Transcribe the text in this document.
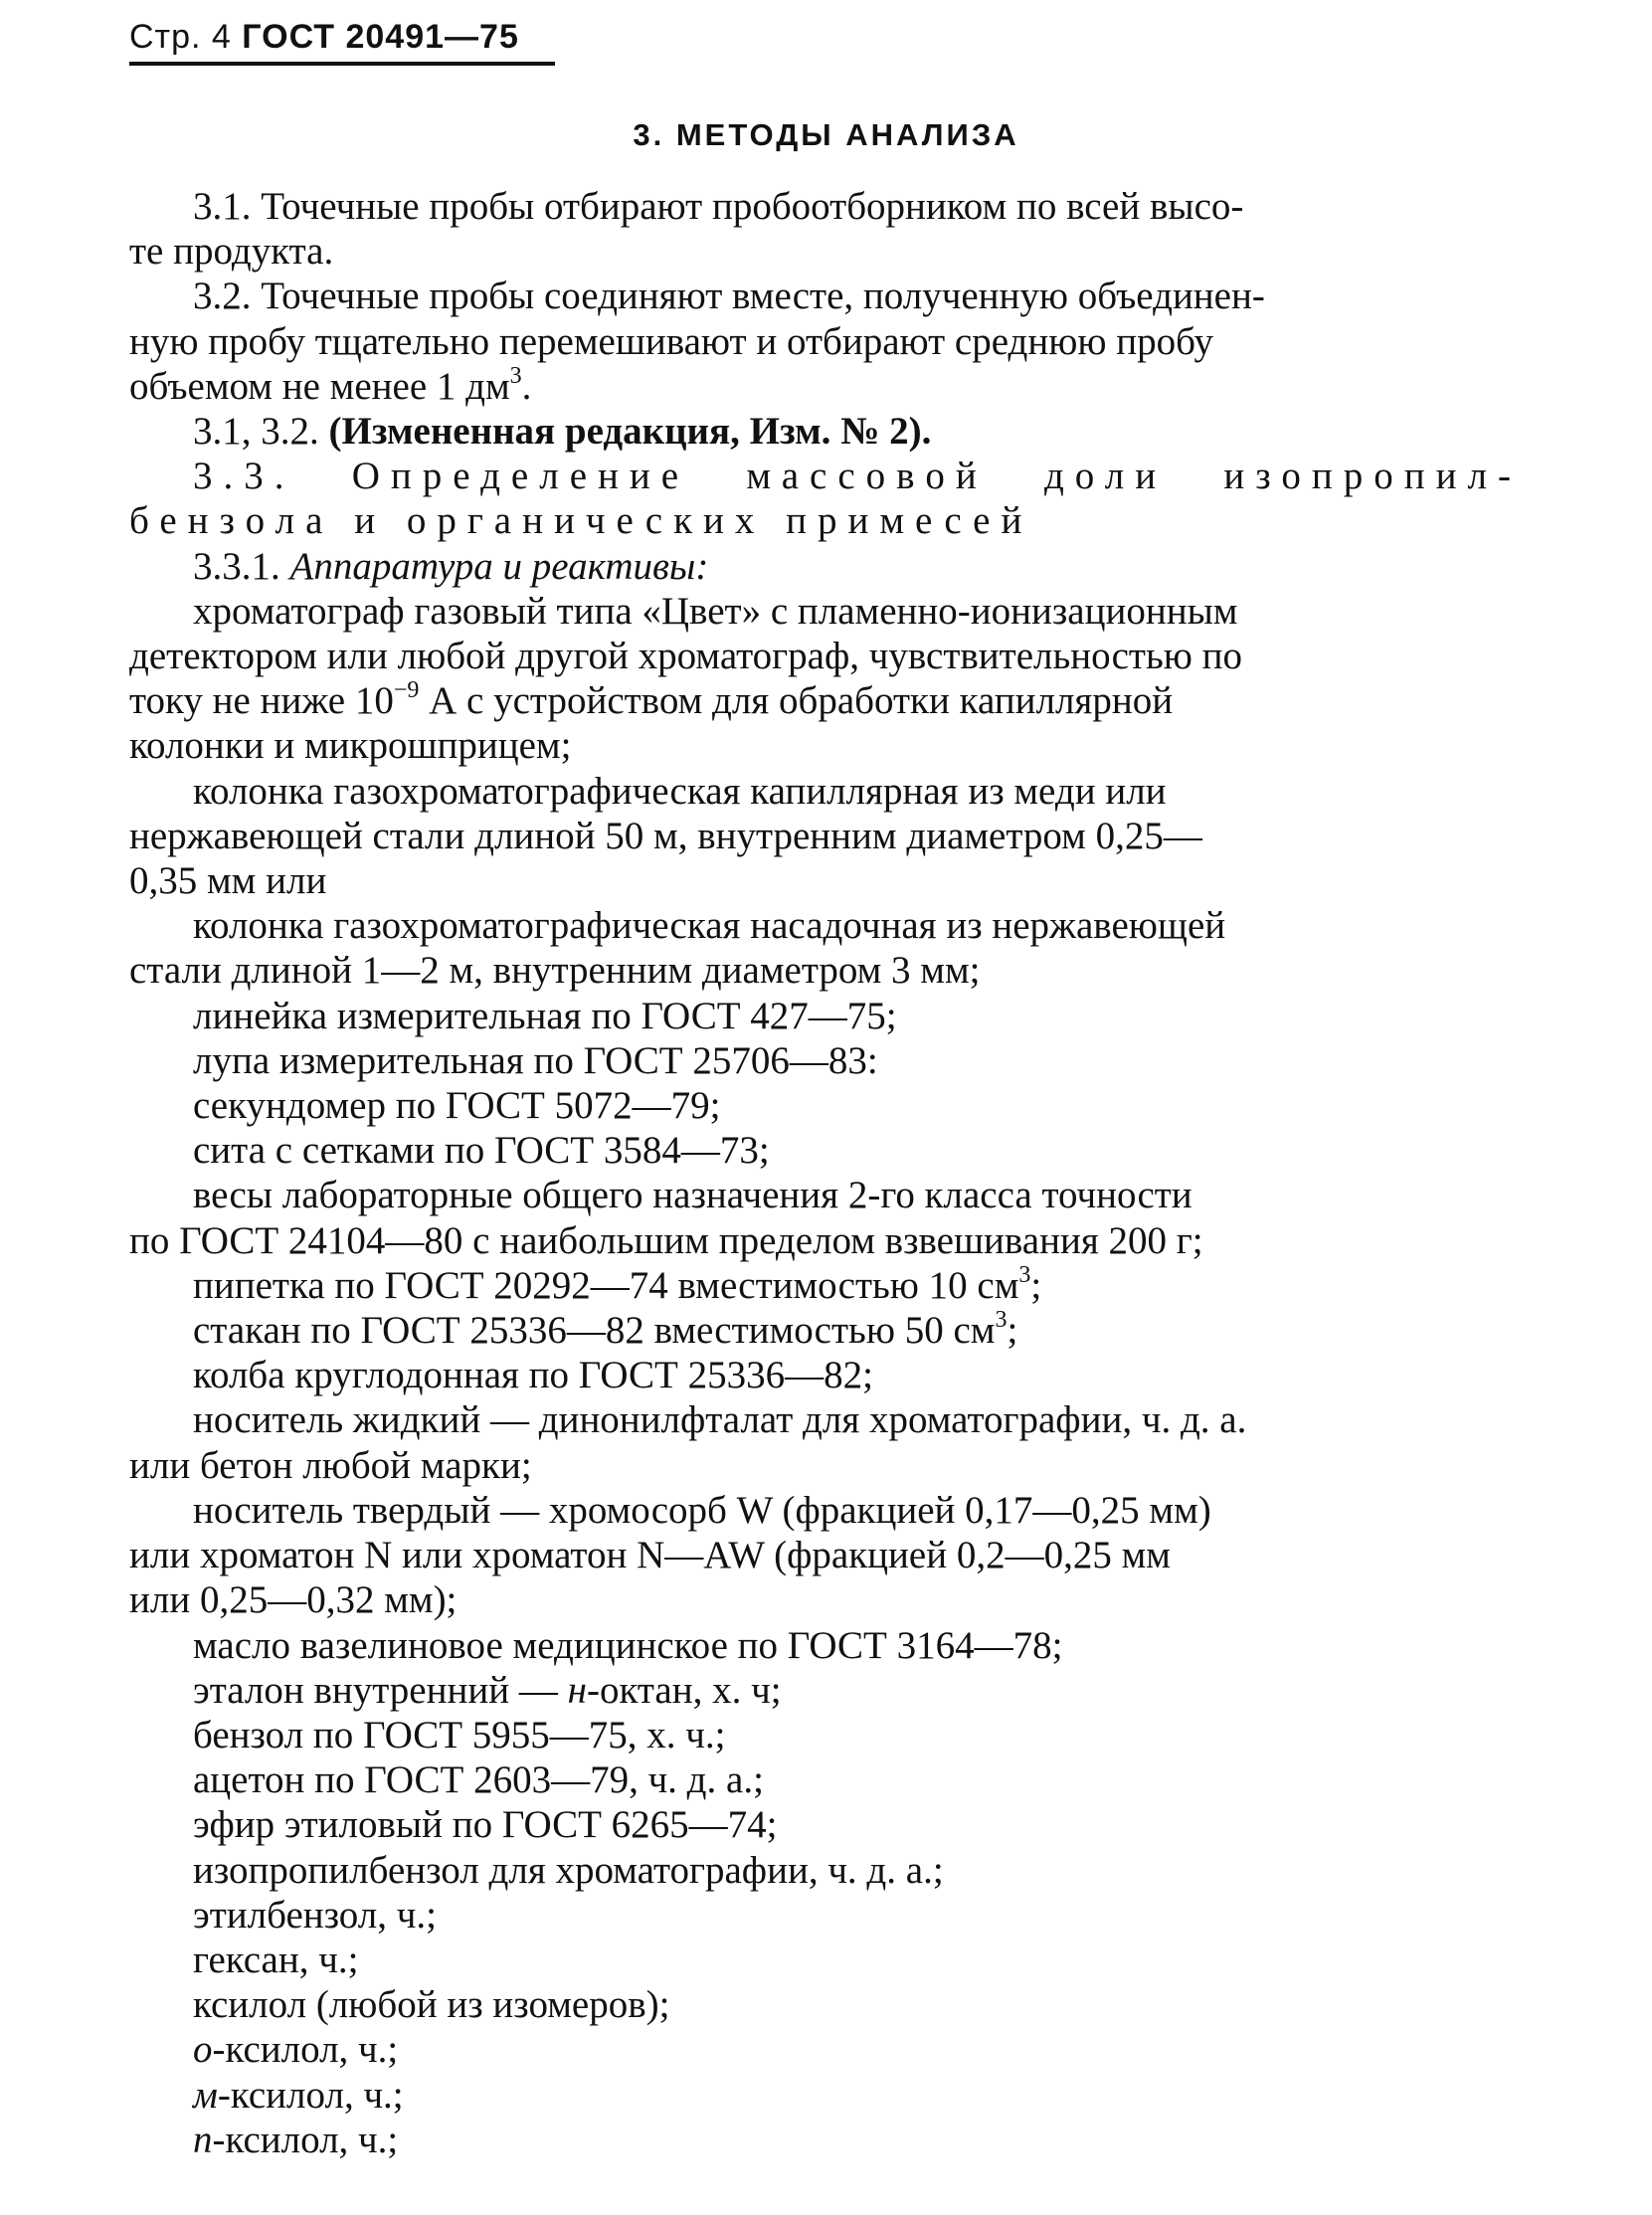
Стр. 4 ГОСТ 20491—75
3. МЕТОДЫ АНАЛИЗА
3.1. Точечные пробы отбирают пробоотборником по всей высо-
те продукта.
3.2. Точечные пробы соединяют вместе, полученную объединен-
ную пробу тщательно перемешивают и отбирают среднюю пробу
объемом не менее 1 $дм^3$.
3.1, 3.2. (Измененная редакция, Изм. № 2).
3.3. Определение массовой доли изопропил-
бензола и органических примесей
3.3.1. Аппаратура и реактивы:
хроматограф газовый типа «Цвет» с пламенно-ионизационным
детектором или любой другой хроматограф, чувствительностью по
току не ниже $10^{-9}$ А с устройством для обработки капиллярной
колонки и микрошприцем;
колонка газохроматографическая капиллярная из меди или
нержавеющей стали длиной 50 м, внутренним диаметром 0,25—
0,35 мм или
колонка газохроматографическая насадочная из нержавеющей
стали длиной 1—2 м, внутренним диаметром 3 мм;
линейка измерительная по ГОСТ 427—75;
лупа измерительная по ГОСТ 25706—83:
секундомер по ГОСТ 5072—79;
сита с сетками по ГОСТ 3584—73;
весы лабораторные общего назначения 2-го класса точности
по ГОСТ 24104—80 с наибольшим пределом взвешивания 200 г;
пипетка по ГОСТ 20292—74 вместимостью 10 $см^3$;
стакан по ГОСТ 25336—82 вместимостью 50 $см^3$;
колба круглодонная по ГОСТ 25336—82;
носитель жидкий — динонилфталат для хроматографии, ч. д. а.
или бетон любой марки;
носитель твердый — хромосорб W (фракцией 0,17—0,25 мм)
или хроматон N или хроматон N—AW (фракцией 0,2—0,25 мм
или 0,25—0,32 мм);
масло вазелиновое медицинское по ГОСТ 3164—78;
эталон внутренний — н-октан, х. ч;
бензол по ГОСТ 5955—75, х. ч.;
ацетон по ГОСТ 2603—79, ч. д. а.;
эфир этиловый по ГОСТ 6265—74;
изопропилбензол для хроматографии, ч. д. а.;
этилбензол, ч.;
гексан, ч.;
ксилол (любой из изомеров);
о-ксилол, ч.;
м-ксилол, ч.;
п-ксилол, ч.;
